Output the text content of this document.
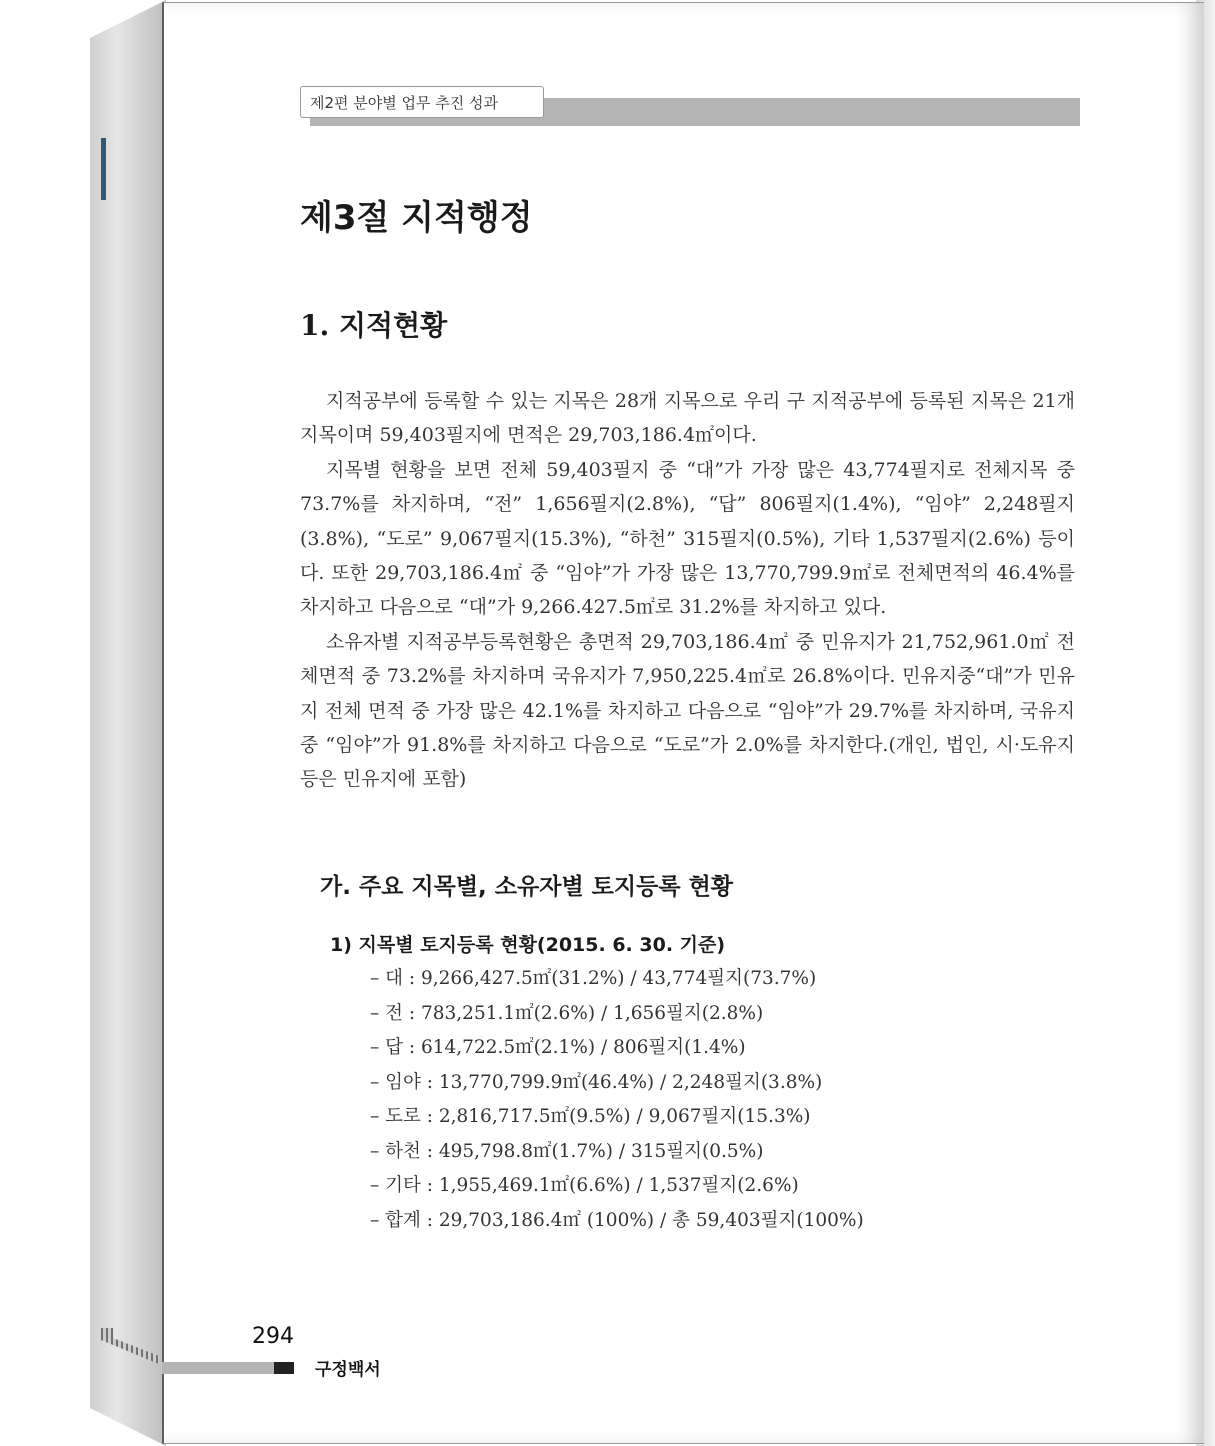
제2편 분야별 업무 추진 성과
제3절 지적행정
1. 지적현황

지적공부에 등록할 수 있는 지목은 28개 지목으로 우리 구 지적공부에 등록된 지목은 21개 지목이며 59,403필지에 면적은 29,703,186.4㎡이다.

지목별 현황을 보면 전체 59,403필지 중 “대”가 가장 많은 43,774필지로 전체지목 중 73.7%를 차지하며, “전” 1,656필지(2.8%), “답” 806필지(1.4%), “임야” 2,248필지(3.8%), “도로” 9,067필지(15.3%), “하천” 315필지(0.5%), 기타 1,537필지(2.6%) 등이다. 또한 29,703,186.4㎡ 중 “임야”가 가장 많은 13,770,799.9㎡로 전체면적의 46.4%를 차지하고 다음으로 “대”가 9,266.427.5㎡로 31.2%를 차지하고 있다.

소유자별 지적공부등록현황은 총면적 29,703,186.4㎡ 중 민유지가 21,752,961.0㎡ 전체면적 중 73.2%를 차지하며 국유지가 7,950,225.4㎡로 26.8%이다. 민유지중“대”가 민유지 전체 면적 중 가장 많은 42.1%를 차지하고 다음으로 “임야”가 29.7%를 차지하며, 국유지 중 “임야”가 91.8%를 차지하고 다음으로 “도로”가 2.0%를 차지한다.(개인, 법인, 시·도유지 등은 민유지에 포함)

가. 주요 지목별, 소유자별 토지등록 현황
1) 지목별 토지등록 현황(2015. 6. 30. 기준)
– 대 : 9,266,427.5㎡(31.2%) / 43,774필지(73.7%)
– 전 : 783,251.1㎡(2.6%) / 1,656필지(2.8%)
– 답 : 614,722.5㎡(2.1%) / 806필지(1.4%)
– 임야 : 13,770,799.9㎡(46.4%) / 2,248필지(3.8%)
– 도로 : 2,816,717.5㎡(9.5%) / 9,067필지(15.3%)
– 하천 : 495,798.8㎡(1.7%) / 315필지(0.5%)
– 기타 : 1,955,469.1㎡(6.6%) / 1,537필지(2.6%)
– 합계 : 29,703,186.4㎡ (100%) / 총 59,403필지(100%)
294
구정백서
